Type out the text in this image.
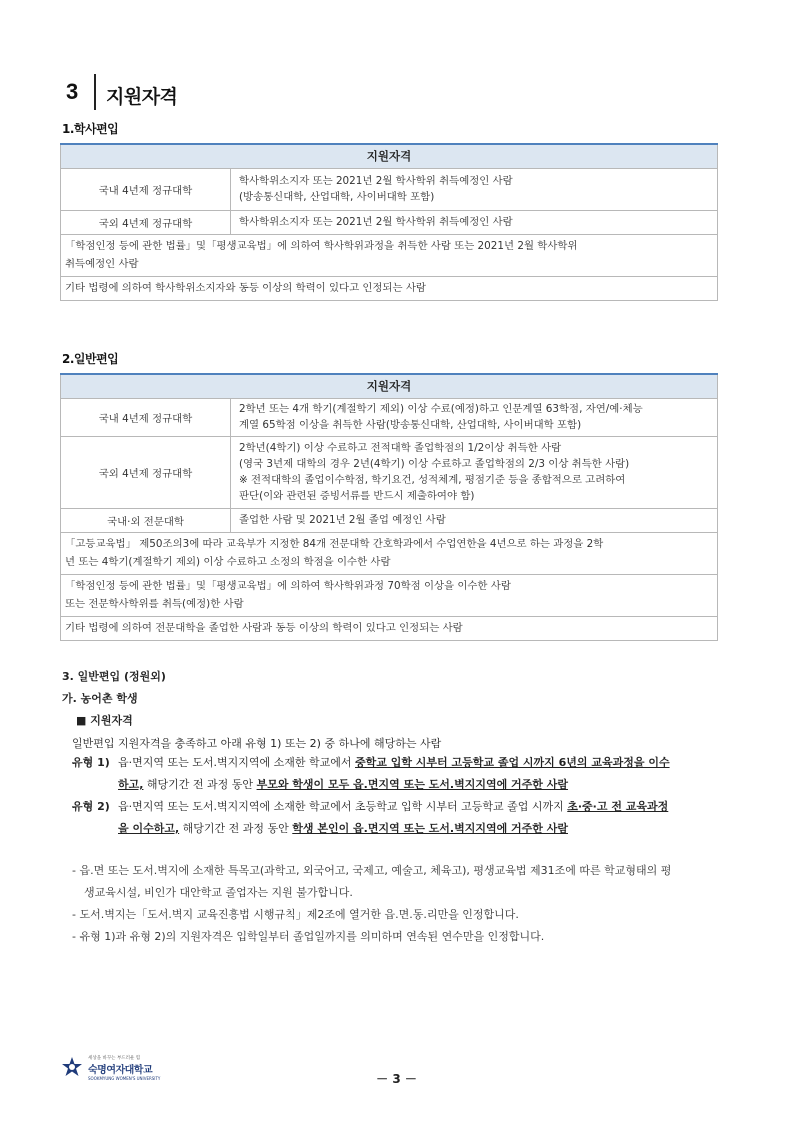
3	지원자격
1.학사편입
지원자격	
국내 4년제 정규대학	학사학위소지자 또는 2021년 2월 학사학위 취득예정인 사람
(방송통신대학, 산업대학, 사이버대학 포함)

국외 4년제 정규대학	학사학위소지자 또는 2021년 2월 학사학위 취득예정인 사람

「학점인정 등에 관한 법률」및「평생교육법」에 의하여 학사학위과정을 취득한 사람 또는 2021년 2월 학사학위
취득예정인 사람	

기타 법령에 의하여 학사학위소지자와 동등 이상의 학력이 있다고 인정되는 사람	
2.일반편입
지원자격	
국내 4년제 정규대학	2학년 또는 4개 학기(계절학기 제외) 이상 수료(예정)하고 인문계열 63학점, 자연/예·체능
계열 65학점 이상을 취득한 사람(방송통신대학, 산업대학, 사이버대학 포함)

국외 4년제 정규대학	2학년(4학기) 이상 수료하고 전적대학 졸업학점의 1/2이상 취득한 사람
(영국 3년제 대학의 경우 2년(4학기) 이상 수료하고 졸업학점의 2/3 이상 취득한 사람)
※ 전적대학의 졸업이수학점, 학기요건, 성적체계, 평점기준 등을 종합적으로 고려하여
판단(이와 관련된 증빙서류를 반드시 제출하여야 함)

국내·외 전문대학	졸업한 사람 및 2021년 2월 졸업 예정인 사람

「고등교육법」 제50조의3에 따라 교육부가 지정한 84개 전문대학 간호학과에서 수업연한을 4년으로 하는 과정을 2학
년 또는 4학기(계절학기 제외) 이상 수료하고 소정의 학점을 이수한 사람	

「학점인정 등에 관한 법률」및「평생교육법」에 의하여 학사학위과정 70학점 이상을 이수한 사람
또는 전문학사학위를 취득(예정)한 사람	

기타 법령에 의하여 전문대학을 졸업한 사람과 동등 이상의 학력이 있다고 인정되는 사람	
3. 일반편입 (정원외)
가. 농어촌 학생
■ 지원자격
일반편입 지원자격을 충족하고 아래 유형 1) 또는 2) 중 하나에 해당하는 사람
유형 1) 읍·면지역 또는 도서.벽지지역에 소재한 학교에서 중학교 입학 시부터 고등학교 졸업 시까지 6년의 교육과정을 이수
하고, 해당기간 전 과정 동안 부모와 학생이 모두 읍.면지역 또는 도서.벽지지역에 거주한 사람
유형 2) 읍·면지역 또는 도서.벽지지역에 소재한 학교에서 초등학교 입학 시부터 고등학교 졸업 시까지 초·중·고 전 교육과정
을 이수하고, 해당기간 전 과정 동안 학생 본인이 읍.면지역 또는 도서.벽지지역에 거주한 사람
- 읍.면 또는 도서.벽지에 소재한 특목고(과학고, 외국어고, 국제고, 예술고, 체육고), 평생교육법 제31조에 따른 학교형태의 평
생교육시설, 비인가 대안학교 졸업자는 지원 불가합니다.
- 도서.벽지는「도서.벽지 교육진흥법 시행규칙」제2조에 열거한 읍.면.동.리만을 인정합니다.
- 유형 1)과 유형 2)의 지원자격은 입학일부터 졸업일까지를 의미하며 연속된 연수만을 인정합니다.
세상을 바꾸는 부드러운 힘
숙명여자대학교
SOOKMYUNG WOMEN'S UNIVERSITY	－ 3 －
